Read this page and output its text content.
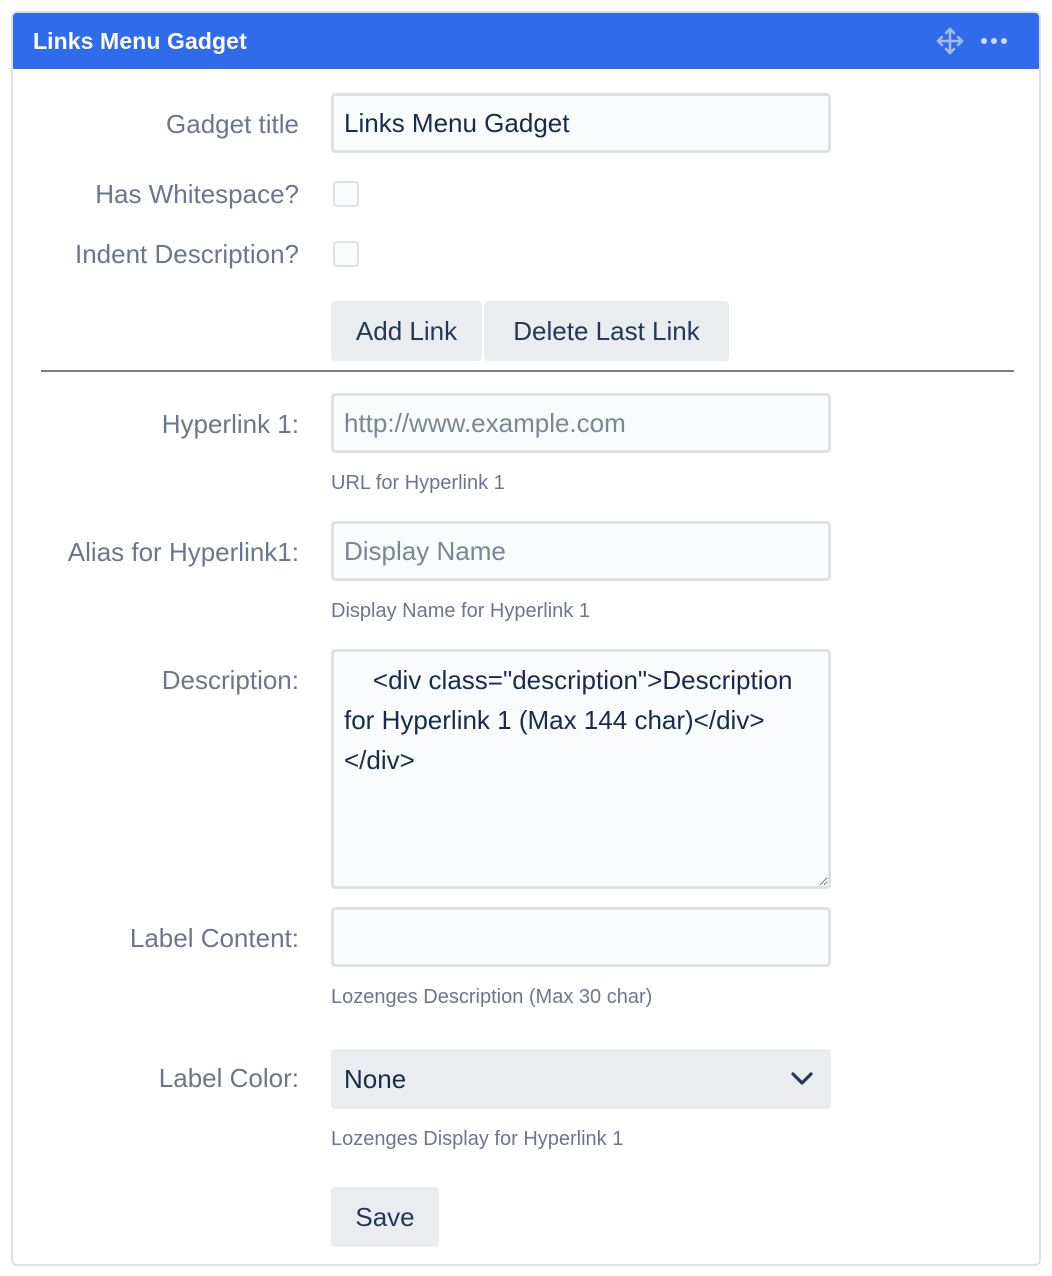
Links Menu Gadget
Gadget title
Links Menu Gadget
Has Whitespace?
Indent Description?
Add Link	Delete Last Link
Hyperlink 1:
http://www.example.com
URL for Hyperlink 1
Alias for Hyperlink1:
Display Name
Display Name for Hyperlink 1
Description:
<div class="description">Description for Hyperlink 1 (Max 144 char)</div> </div>
Label Content:
Lozenges Description (Max 30 char)
Label Color: None
Lozenges Display for Hyperlink 1
Save
